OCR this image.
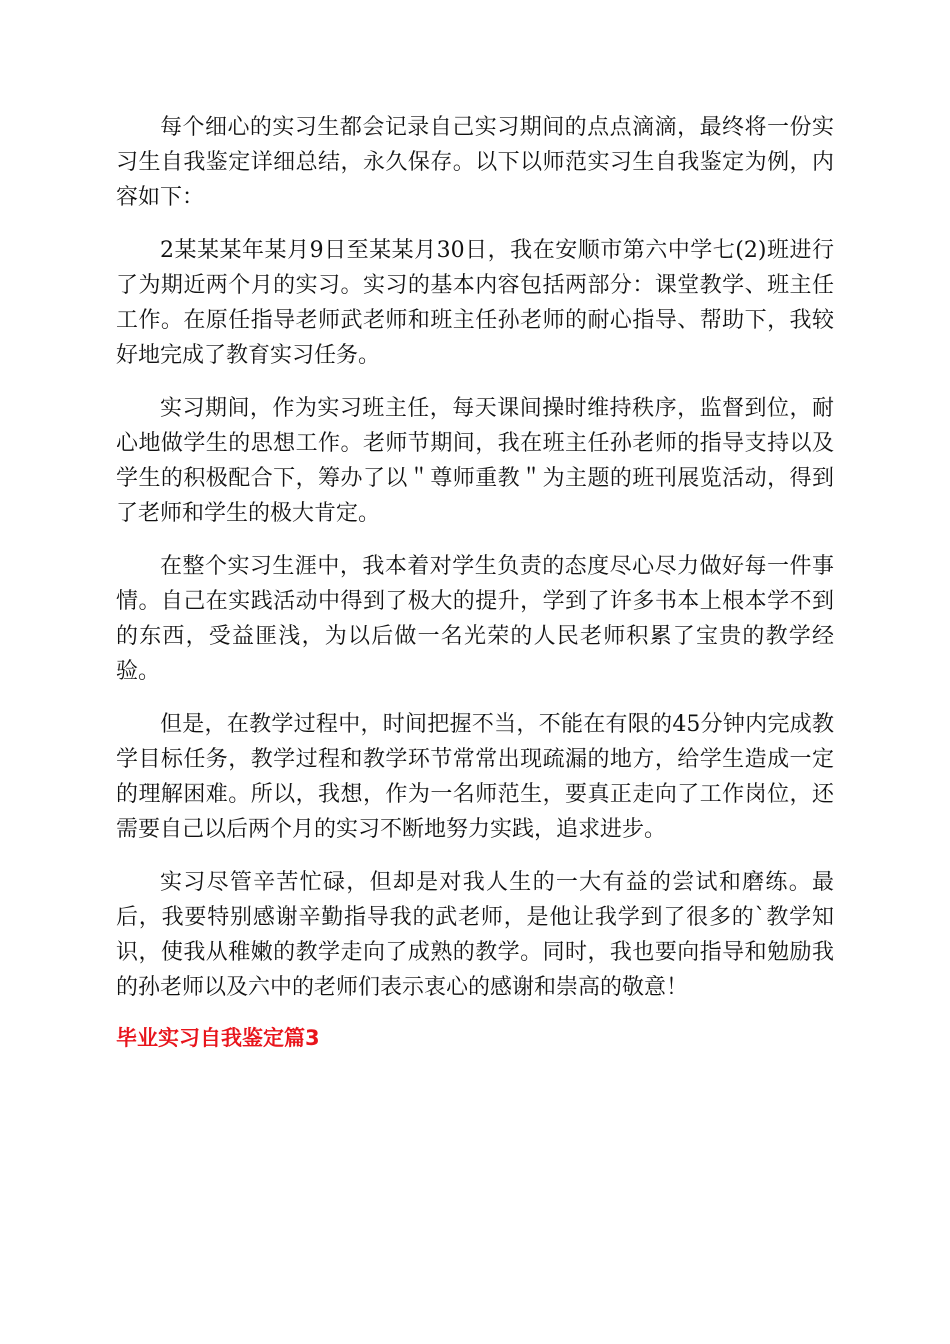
每个细心的实习生都会记录自己实习期间的点点滴滴，最终将一份实习生自我鉴定详细总结，永久保存。以下以师范实习生自我鉴定为例，内容如下：

2某某某年某月9日至某某月30日，我在安顺市第六中学七(2)班进行了为期近两个月的实习。实习的基本内容包括两部分：课堂教学、班主任工作。在原任指导老师武老师和班主任孙老师的耐心指导、帮助下，我较好地完成了教育实习任务。

实习期间，作为实习班主任，每天课间操时维持秩序，监督到位，耐心地做学生的思想工作。老师节期间，我在班主任孙老师的指导支持以及学生的积极配合下，筹办了以＂尊师重教＂为主题的班刊展览活动，得到了老师和学生的极大肯定。

在整个实习生涯中，我本着对学生负责的态度尽心尽力做好每一件事情。自己在实践活动中得到了极大的提升，学到了许多书本上根本学不到的东西，受益匪浅，为以后做一名光荣的人民老师积累了宝贵的教学经验。

但是，在教学过程中，时间把握不当，不能在有限的45分钟内完成教学目标任务，教学过程和教学环节常常出现疏漏的地方，给学生造成一定的理解困难。所以，我想，作为一名师范生，要真正走向了工作岗位，还需要自己以后两个月的实习不断地努力实践，追求进步。

实习尽管辛苦忙碌，但却是对我人生的一大有益的尝试和磨练。最后，我要特别感谢辛勤指导我的武老师，是他让我学到了很多的`教学知识，使我从稚嫩的教学走向了成熟的教学。同时，我也要向指导和勉励我的孙老师以及六中的老师们表示衷心的感谢和崇高的敬意！

毕业实习自我鉴定篇3
